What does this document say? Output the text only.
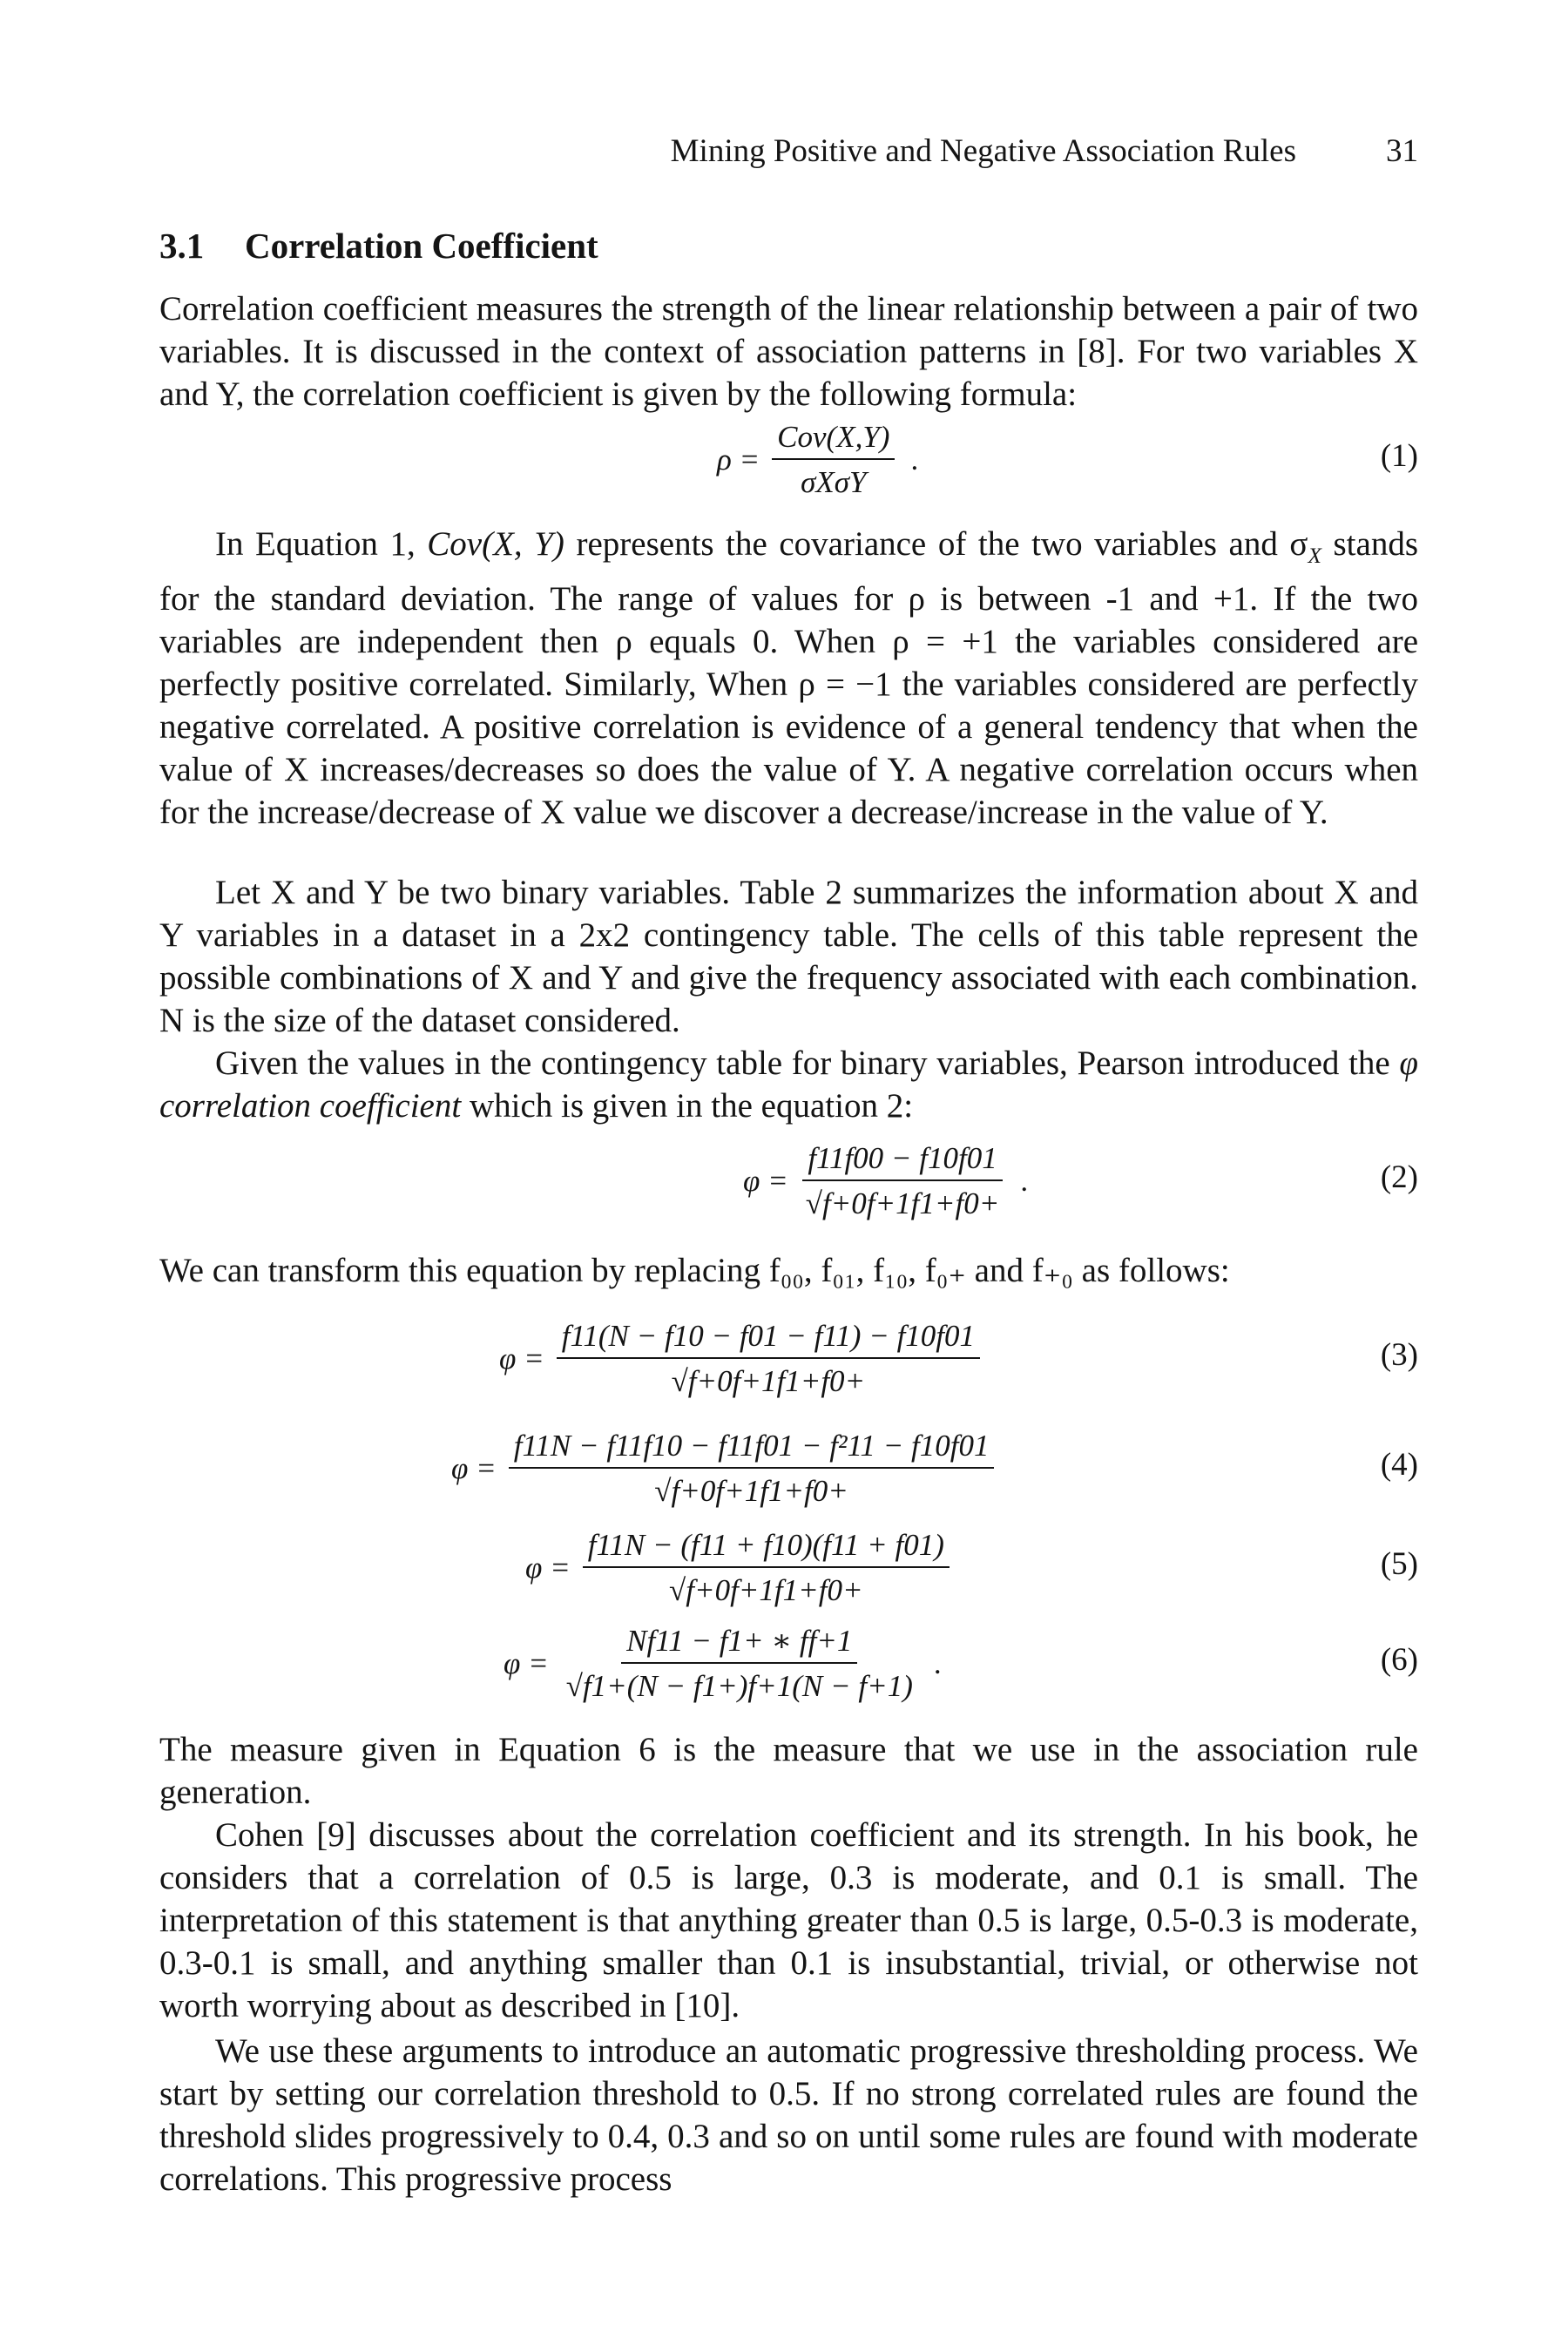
Mining Positive and Negative Association Rules	31
3.1 Correlation Coefficient

Correlation coefficient measures the strength of the linear relationship between a pair of two variables. It is discussed in the context of association patterns in [8]. For two variables X and Y, the correlation coefficient is given by the following formula:

$\rho = \frac{\text{Cov(X,Y)}}{\text{σXσY}}$ .	(1)

In Equation 1, Cov(X, Y) represents the covariance of the two variables and $\sigma_X$ stands for the standard deviation. The range of values for ρ is between -1 and +1. If the two variables are independent then ρ equals 0. When ρ = +1 the variables considered are perfectly positive correlated. Similarly, When ρ = −1 the variables considered are perfectly negative correlated. A positive correlation is evidence of a general tendency that when the value of X increases/decreases so does the value of Y. A negative correlation occurs when for the increase/decrease of X value we discover a decrease/increase in the value of Y.

Let X and Y be two binary variables. Table 2 summarizes the information about X and Y variables in a dataset in a 2x2 contingency table. The cells of this table represent the possible combinations of X and Y and give the frequency associated with each combination. N is the size of the dataset considered.

Given the values in the contingency table for binary variables, Pearson introduced the φ correlation coefficient which is given in the equation 2:

$\varphi = \frac{f11f00 - f10f01}{√f+0f+1f1+f0+}$ .	(2)

We can transform this equation by replacing f₀₀, f₀₁, f₁₀, f₀₊ and f₊₀ as follows:

$\varphi = \frac{f11(N - f10 - f01 - f11) - f10f01}{√f+0f+1f1+f0+}$	(3)
$\varphi = \frac{\text{f11N − f11f10 − f11f01 − f²11 − f10f01}}{√f+0f+1f1+f0+}$	(4)
$\varphi = \frac{f11N - (f11 + f10)(f11 + f01)}{√f+0f+1f1+f0+}$	(5)
$\varphi = \frac{Nf11 - f1+ ∗ ff+1}{√f1+(N - f1+)f+1(N - f+1)}$ .	(6)

The measure given in Equation 6 is the measure that we use in the association rule generation.

Cohen [9] discusses about the correlation coefficient and its strength. In his book, he considers that a correlation of 0.5 is large, 0.3 is moderate, and 0.1 is small. The interpretation of this statement is that anything greater than 0.5 is large, 0.5-0.3 is moderate, 0.3-0.1 is small, and anything smaller than 0.1 is insubstantial, trivial, or otherwise not worth worrying about as described in [10].

We use these arguments to introduce an automatic progressive thresholding process. We start by setting our correlation threshold to 0.5. If no strong correlated rules are found the threshold slides progressively to 0.4, 0.3 and so on until some rules are found with moderate correlations. This progressive process
